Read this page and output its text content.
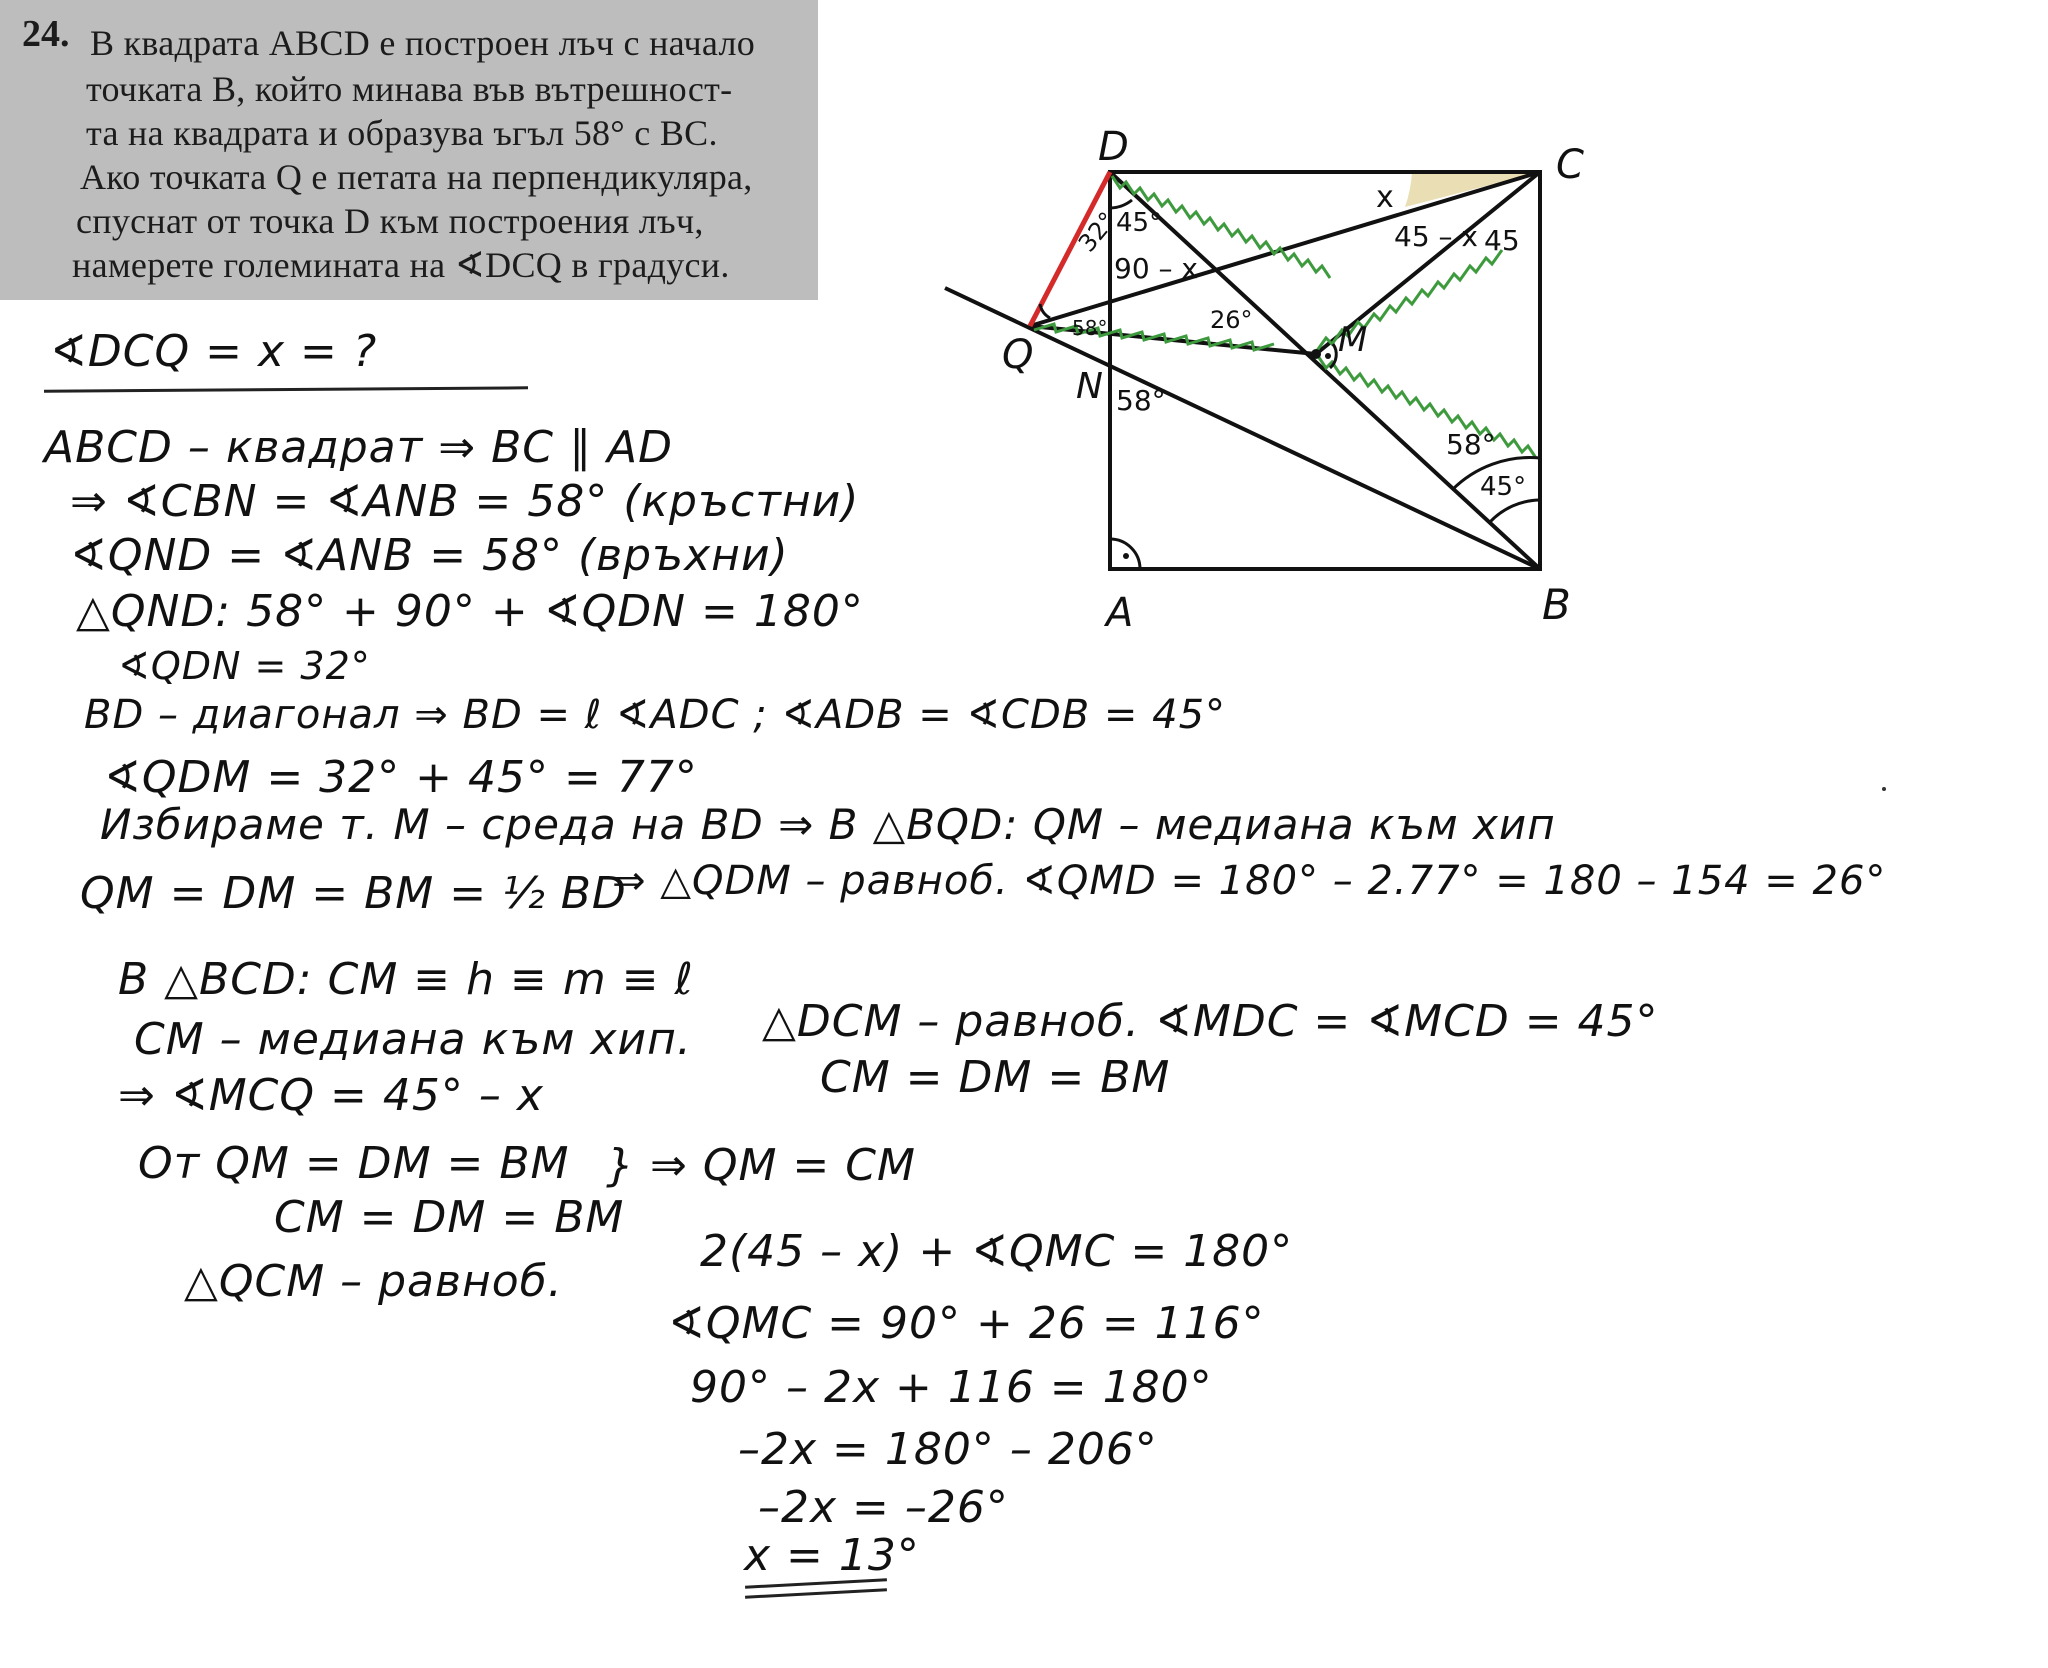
24. В квадрата ABCD е построен лъч с начало
точката B, който минава във вътрешност-
та на квадрата и образува ъгъл 58° с BC.
Ако точката Q е петата на перпендикуляра,
спуснат от точка D към построения лъч,
намерете големината на ∢DCQ в градуси.
D	C
Q
N
M
A	B
32°
45°
90 – x
58°
58°
26°
x
45 – x 45
58°
45°
∢DCQ = x = ?
ABCD – квадрат ⇒ BC ∥ AD
⇒ ∢CBN = ∢ANB = 58° (кръстни)
∢QND = ∢ANB = 58° (връхни)
△QND: 58° + 90° + ∢QDN = 180°
∢QDN = 32°
BD – диагонал ⇒ BD = ℓ ∢ADC ; ∢ADB = ∢CDB = 45°
∢QDM = 32° + 45° = 77°
Избираме т. M – среда на BD ⇒ В △BQD: QM – медиана към хип
QM = DM = BM = ½ BD
⇒ △QDM – равноб. ∢QMD = 180° – 2.77° = 180 – 154 = 26°
В △BCD: CM ≡ h ≡ m ≡ ℓ
CM – медиана към хип. △DCM – равноб. ∢MDC = ∢MCD = 45°
CM = DM = BM
⇒ ∢MCQ = 45° – x
От QM = DM = BM
CM = DM = BM
} ⇒ QM = CM
△QCM – равноб.
2(45 – x) + ∢QMC = 180°
∢QMC = 90° + 26 = 116°
90° – 2x + 116 = 180°
–2x = 180° – 206°
–2x = –26°
x = 13°
